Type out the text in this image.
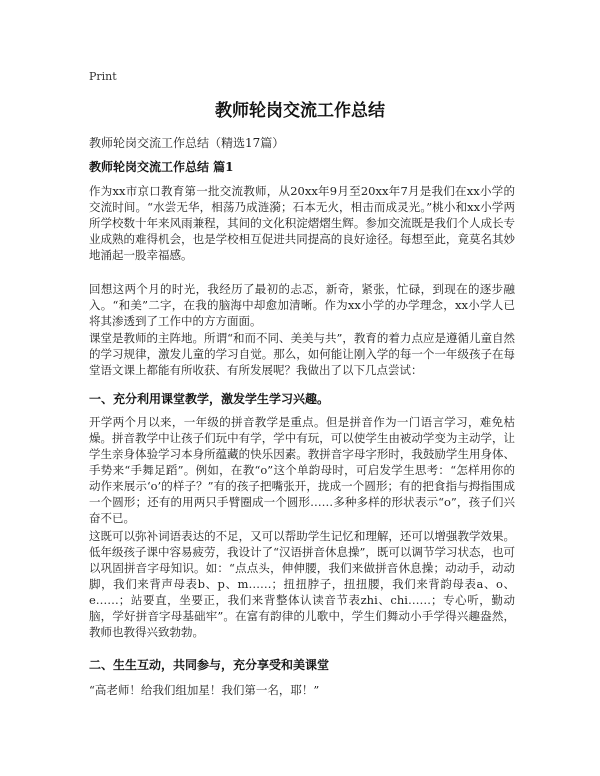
Print
教师轮岗交流工作总结
教师轮岗交流工作总结（精选17篇）
教师轮岗交流工作总结 篇1

作为xx市京口教育第一批交流教师，从20xx年9月至20xx年7月是我们在xx小学的交流时间。“水尝无华，相荡乃成涟漪；石本无火，相击而成灵光。”桃小和xx小学两所学校数十年来风雨兼程，其间的文化积淀熠熠生辉。参加交流既是我们个人成长专业成熟的难得机会，也是学校相互促进共同提高的良好途径。每想至此，竟莫名其妙地涌起一股幸福感。

回想这两个月的时光，我经历了最初的忐忑，新奇，紧张，忙碌，到现在的逐步融入。“和美”二字，在我的脑海中却愈加清晰。作为xx小学的办学理念，xx小学人已将其渗透到了工作中的方方面面。

课堂是教师的主阵地。所谓“和而不同、美美与共”，教育的着力点应是遵循儿童自然的学习规律，激发儿童的学习自觉。那么，如何能让刚入学的每一个一年级孩子在每堂语文课上都能有所收获、有所发展呢？我做出了以下几点尝试：

一、充分利用课堂教学，激发学生学习兴趣。

开学两个月以来，一年级的拼音教学是重点。但是拼音作为一门语言学习，难免枯燥。拼音教学中让孩子们玩中有学，学中有玩，可以使学生由被动学变为主动学，让学生亲身体验学习本身所蕴藏的快乐因素。教拼音字母字形时，我鼓励学生用身体、手势来“手舞足蹈”。例如，在教“o”这个单韵母时，可启发学生思考：“怎样用你的动作来展示‘o’的样子？”有的孩子把嘴张开，拢成一个圆形；有的把食指与拇指围成一个圆形；还有的用两只手臂圈成一个圆形……多种多样的形状表示“o”，孩子们兴奋不已。

这既可以弥补词语表达的不足，又可以帮助学生记忆和理解，还可以增强教学效果。低年级孩子课中容易疲劳，我设计了“汉语拼音休息操”，既可以调节学习状态，也可以巩固拼音字母知识。如：“点点头，伸伸腰，我们来做拼音休息操；动动手，动动脚，我们来背声母表b、p、m……；扭扭脖子，扭扭腰，我们来背韵母表a、o、e……；站要直，坐要正，我们来背整体认读音节表zhi、chi……；专心听，勤动脑，学好拼音字母基础牢”。在富有韵律的儿歌中，学生们舞动小手学得兴趣盎然，教师也教得兴致勃勃。

二、生生互动，共同参与，充分享受和美课堂

“高老师！给我们组加星！我们第一名，耶！”
